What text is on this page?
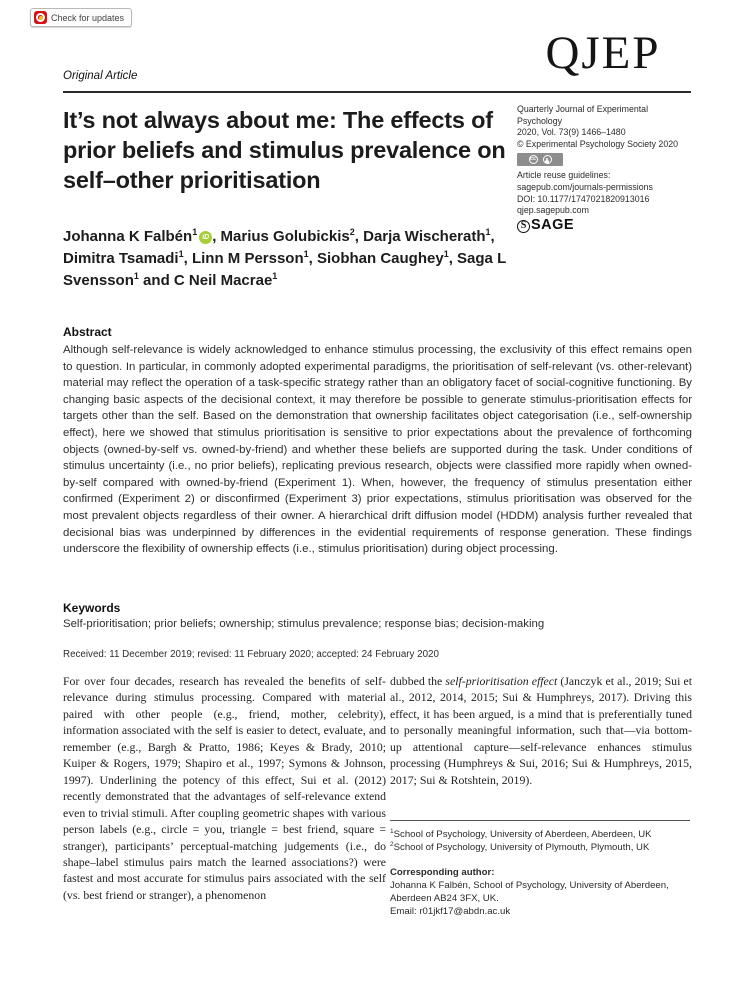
Check for updates
Original Article	QJEP
It’s not always about me: The effects of prior beliefs and stimulus prevalence on self–other prioritisation
Quarterly Journal of Experimental
Psychology
2020, Vol. 73(9) 1466–1480
© Experimental Psychology Society 2020
cc
Article reuse guidelines:
sagepub.com/journals-permissions
DOI: 10.1177/1747021820913016
qjep.sagepub.com
S SAGE
Johanna K Falbén$^1$iD , Marius Golubickis$^2$, Darja Wischerath$^1$, Dimitra Tsamadi$^1$, Linn M Persson$^1$, Siobhan Caughey$^1$, Saga L Svensson$^1$ and C Neil Macrae$^1$
Abstract
Although self-relevance is widely acknowledged to enhance stimulus processing, the exclusivity of this effect remains open to question. In particular, in commonly adopted experimental paradigms, the prioritisation of self-relevant (vs. other-relevant) material may reflect the operation of a task-specific strategy rather than an obligatory facet of social-cognitive functioning. By changing basic aspects of the decisional context, it may therefore be possible to generate stimulus-prioritisation effects for targets other than the self. Based on the demonstration that ownership facilitates object categorisation (i.e., self-ownership effect), here we showed that stimulus prioritisation is sensitive to prior expectations about the prevalence of forthcoming objects (owned-by-self vs. owned-by-friend) and whether these beliefs are supported during the task. Under conditions of stimulus uncertainty (i.e., no prior beliefs), replicating previous research, objects were classified more rapidly when owned-by-self compared with owned-by-friend (Experiment 1). When, however, the frequency of stimulus presentation either confirmed (Experiment 2) or disconfirmed (Experiment 3) prior expectations, stimulus prioritisation was observed for the most prevalent objects regardless of their owner. A hierarchical drift diffusion model (HDDM) analysis further revealed that decisional bias was underpinned by differences in the evidential requirements of response generation. These findings underscore the flexibility of ownership effects (i.e., stimulus prioritisation) during object processing.
Keywords
Self-prioritisation; prior beliefs; ownership; stimulus prevalence; response bias; decision-making
Received: 11 December 2019; revised: 11 February 2020; accepted: 24 February 2020
For over four decades, research has revealed the benefits of self-relevance during stimulus processing. Compared with material paired with other people (e.g., friend, mother, celebrity), information associated with the self is easier to detect, evaluate, and remember (e.g., Bargh & Pratto, 1986; Keyes & Brady, 2010; Kuiper & Rogers, 1979; Shapiro et al., 1997; Symons & Johnson, 1997). Underlining the potency of this effect, Sui et al. (2012) recently demonstrated that the advantages of self-relevance extend even to trivial stimuli. After coupling geometric shapes with various person labels (e.g., circle = you, triangle = best friend, square = stranger), participants’ perceptual-matching judgements (i.e., do shape–label stimulus pairs match the learned associations?) were fastest and most accurate for stimulus pairs associated with the self (vs. best friend or stranger), a phenomenon
dubbed the self-prioritisation effect (Janczyk et al., 2019; Sui et al., 2012, 2014, 2015; Sui & Humphreys, 2017). Driving this effect, it has been argued, is a mind that is preferentially tuned to personally meaningful information, such that—via bottom-up attentional capture—self-relevance enhances stimulus processing (Humphreys & Sui, 2016; Sui & Humphreys, 2015, 2017; Sui & Rotshtein, 2019).
$^1$School of Psychology, University of Aberdeen, Aberdeen, UK
$^2$School of Psychology, University of Plymouth, Plymouth, UK
Corresponding author:
Johanna K Falbén, School of Psychology, University of Aberdeen, Aberdeen AB24 3FX, UK.
Email: r01jkf17@abdn.ac.uk
